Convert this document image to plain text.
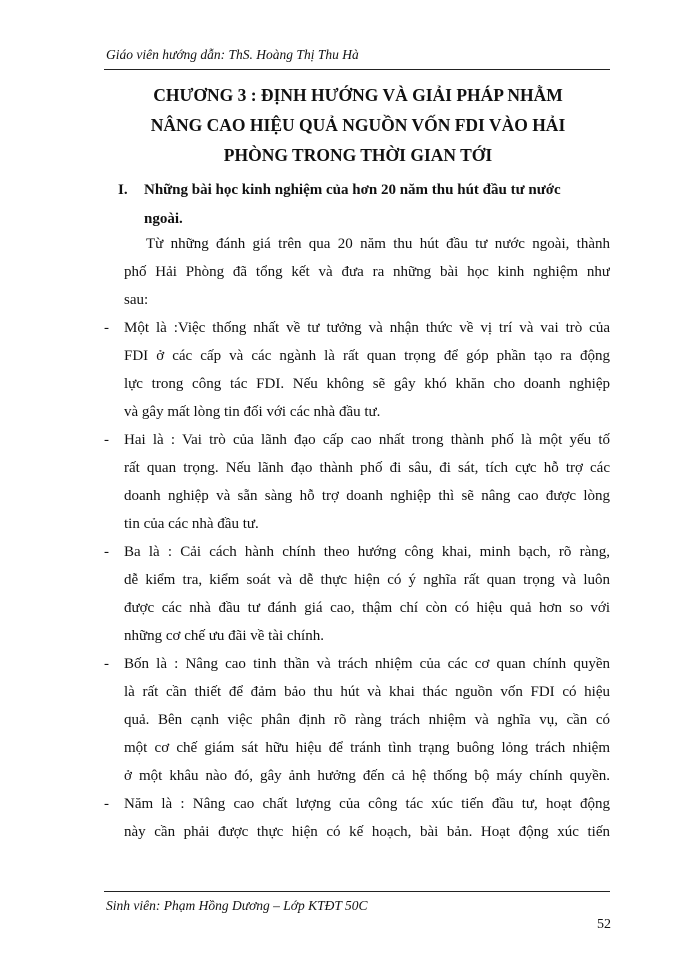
Giáo viên hướng dẫn: ThS. Hoàng Thị Thu Hà
CHƯƠNG 3 : ĐỊNH HƯỚNG VÀ GIẢI PHÁP NHẰM
NÂNG CAO HIỆU QUẢ NGUỒN VỐN FDI VÀO HẢI
PHÒNG TRONG THỜI GIAN TỚI
I. Những bài học kinh nghiệm của hơn 20 năm thu hút đầu tư nước
ngoài.
Từ những đánh giá trên qua 20 năm thu hút đầu tư nước ngoài, thành
phố Hải Phòng đã tổng kết và đưa ra những bài học kinh nghiệm như
sau:
- Một là :Việc thống nhất về tư tưởng và nhận thức về vị trí và vai trò của
FDI ở các cấp và các ngành là rất quan trọng để góp phần tạo ra động
lực trong công tác FDI. Nếu không sẽ gây khó khăn cho doanh nghiệp
và gây mất lòng tin đối với các nhà đầu tư.
- Hai là : Vai trò của lãnh đạo cấp cao nhất trong thành phố là một yếu tố
rất quan trọng. Nếu lãnh đạo thành phố đi sâu, đi sát, tích cực hỗ trợ các
doanh nghiệp và sẵn sàng hỗ trợ doanh nghiệp thì sẽ nâng cao được lòng
tin của các nhà đầu tư.
- Ba là : Cải cách hành chính theo hướng công khai, minh bạch, rõ ràng,
dễ kiểm tra, kiểm soát và dễ thực hiện có ý nghĩa rất quan trọng và luôn
được các nhà đầu tư đánh giá cao, thậm chí còn có hiệu quả hơn so với
những cơ chế ưu đãi về tài chính.
- Bốn là : Nâng cao tinh thần và trách nhiệm của các cơ quan chính quyền
là rất cần thiết để đảm bảo thu hút và khai thác nguồn vốn FDI có hiệu
quả. Bên cạnh việc phân định rõ ràng trách nhiệm và nghĩa vụ, cần có
một cơ chế giám sát hữu hiệu để tránh tình trạng buông lỏng trách nhiệm
ở một khâu nào đó, gây ảnh hưởng đến cả hệ thống bộ máy chính quyền.
- Năm là : Nâng cao chất lượng của công tác xúc tiến đầu tư, hoạt động
này cần phải được thực hiện có kế hoạch, bài bản. Hoạt động xúc tiến
Sinh viên: Phạm Hồng Dương – Lớp KTĐT 50C
52
